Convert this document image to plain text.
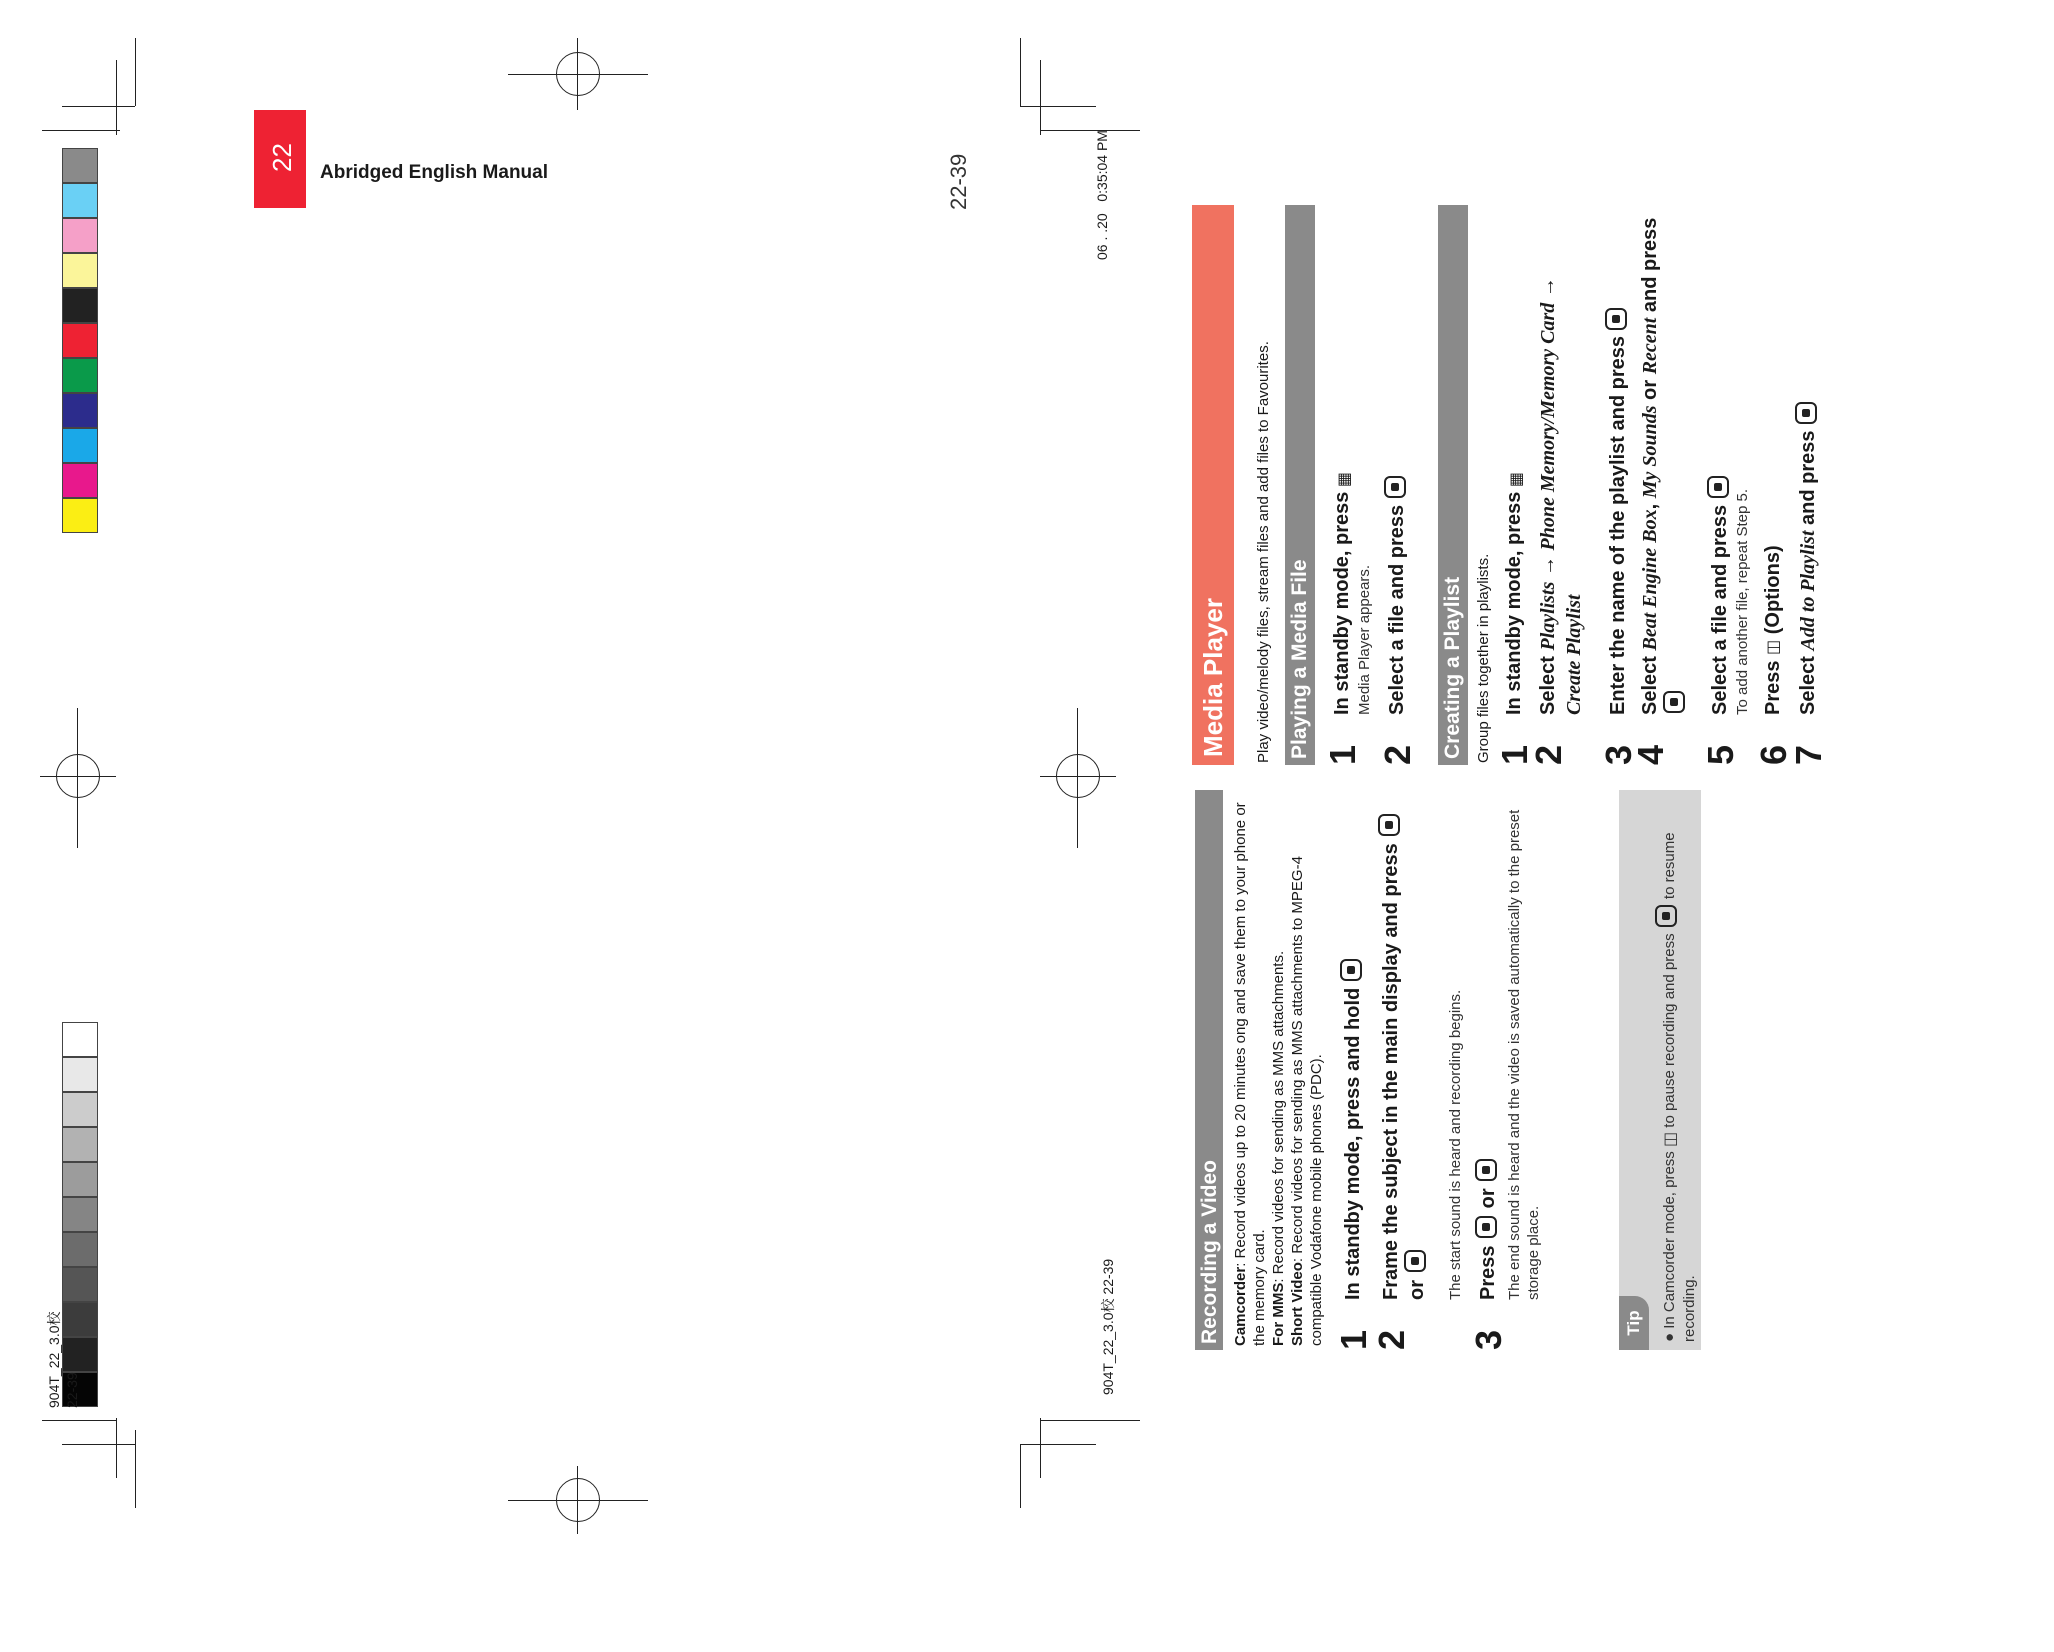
904T_22_3.0校 22-39
06 . .20   0:35:04 PM
22-39
904T_22_3.0校 22-39
22
Abridged English Manual
Recording a Video Camcorder: Record videos up to 20 minutes ong and save them to your phone or the memory card. For MMS: Record videos for sending as MMS attachments.

Short Video: Record videos for sending as MMS attachments to MPEG-4 compatible Vodafone mobile phones (PDC). 1
In standby mode, press and hold
2
Frame the subject in the main display and press or The start sound is heard and recording begins.
3
Press  or The end sound is heard and the video is saved automatically to the preset storage place.
Tip	● In Camcorder mode, press ◫ to pause recording and press  to resume recording.
Media Player	Play video/melody files, stream files and add files to Favourites. Playing a Media File 1
In standby mode, press ▦
Media Player appears.
2
Select a file and press Creating a Playlist Group files together in playlists. 1
In standby mode, press ▦
2
Select Playlists → Phone Memory/Memory Card →
Create Playlist
3
Enter the name of the playlist and press
4
Select Beat Engine Box, My Sounds or Recent and press
5
Select a file and press To add another file, repeat Step 5.
6
Press ◫ (Options)
7
Select Add to Playlist and press
